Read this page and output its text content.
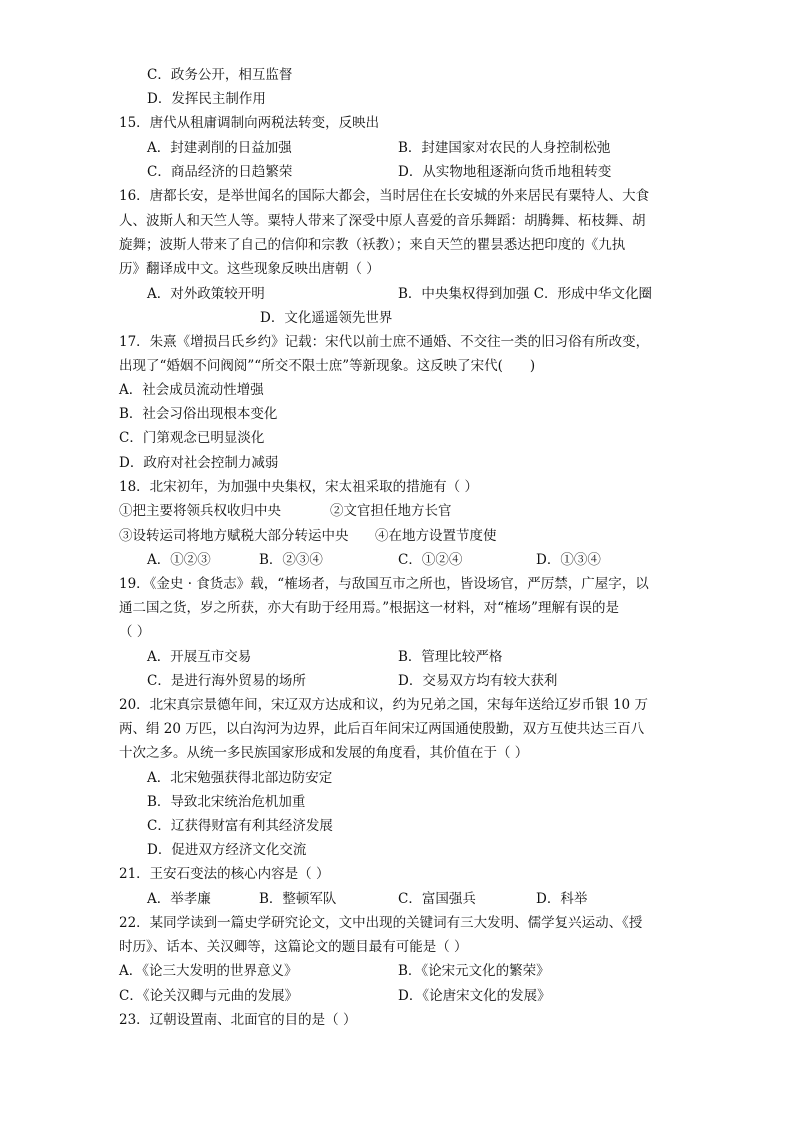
C．政务公开，相互监督
D．发挥民主制作用
15．唐代从租庸调制向两税法转变，反映出
A．封建剥削的日益加强	B．封建国家对农民的人身控制松弛
C．商品经济的日趋繁荣	D．从实物地租逐渐向货币地租转变
16．唐都长安，是举世闻名的国际大都会，当时居住在长安城的外来居民有粟特人、大食
人、波斯人和天竺人等。粟特人带来了深受中原人喜爱的音乐舞蹈：胡腾舞、柘枝舞、胡
旋舞；波斯人带来了自己的信仰和宗教（袄教）；来自天竺的瞿昙悉达把印度的《九执
历》翻译成中文。这些现象反映出唐朝（ ）
A．对外政策较开明	B．中央集权得到加强 C．形成中华文化圈
D．文化遥遥领先世界
17．朱熹《增损吕氏乡约》记载：宋代以前士庶不通婚、不交往一类的旧习俗有所改变，
出现了“婚姻不问阀阅”“所交不限士庶”等新现象。这反映了宋代(　　)
A．社会成员流动性增强
B．社会习俗出现根本变化
C．门第观念已明显淡化
D．政府对社会控制力减弱
18．北宋初年，为加强中央集权，宋太祖采取的措施有（ ）
①把主要将领兵权收归中央	②文官担任地方长官
③设转运司将地方赋税大部分转运中央 ④在地方设置节度使
A．①②③	B．②③④	C．①②④	D．①③④
19．《金史 · 食货志》载，“榷场者，与敌国互市之所也，皆设场官，严厉禁，广屋字，以
通二国之货，岁之所获，亦大有助于经用焉。”根据这一材料，对“榷场”理解有误的是
（ ）
A．开展互市交易	B．管理比较严格
C．是进行海外贸易的场所	D．交易双方均有较大获利
20．北宋真宗景德年间，宋辽双方达成和议，约为兄弟之国，宋每年送给辽岁币银 10 万
两、绢 20 万匹，以白沟河为边界，此后百年间宋辽两国通使殷勤，双方互使共达三百八
十次之多。从统一多民族国家形成和发展的角度看，其价值在于（ ）
A．北宋勉强获得北部边防安定
B．导致北宋统治危机加重
C．辽获得财富有利其经济发展
D．促进双方经济文化交流
21．王安石变法的核心内容是（ ）
A．举孝廉	B．整顿军队	C．富国强兵	D．科举
22．某同学读到一篇史学研究论文，文中出现的关键词有三大发明、儒学复兴运动、《授
时历》、话本、关汉卿等，这篇论文的题目最有可能是（ ）
A．《论三大发明的世界意义》	B．《论宋元文化的繁荣》
C．《论关汉卿与元曲的发展》	D．《论唐宋文化的发展》
23．辽朝设置南、北面官的目的是（ ）
